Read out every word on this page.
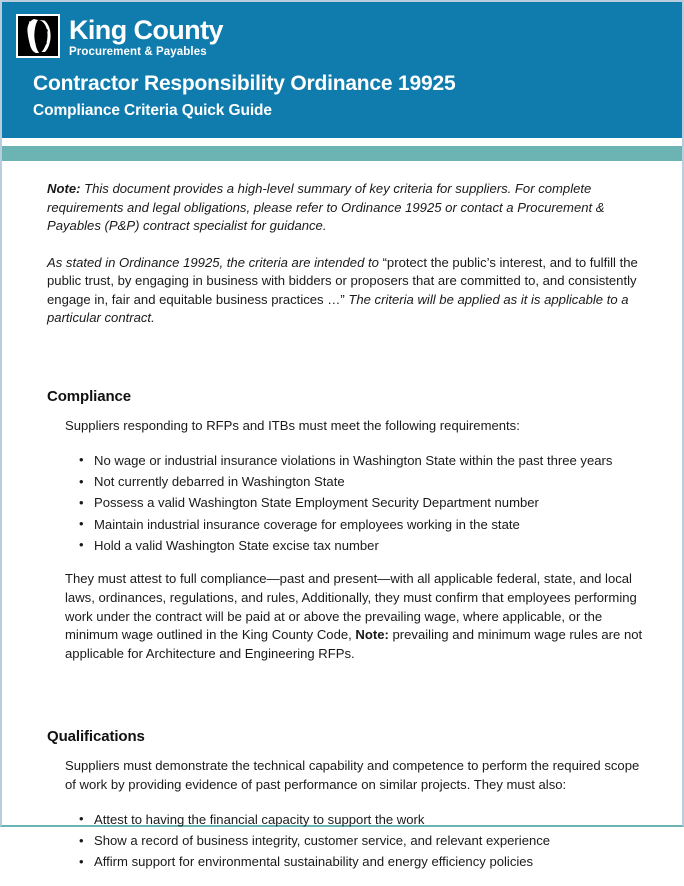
King County
Procurement & Payables
Contractor Responsibility Ordinance 19925
Compliance Criteria Quick Guide

Note: This document provides a high-level summary of key criteria for suppliers. For complete requirements and legal obligations, please refer to Ordinance 19925 or contact a Procurement & Payables (P&P) contract specialist for guidance.

As stated in Ordinance 19925, the criteria are intended to “protect the public’s interest, and to fulfill the public trust, by engaging in business with bidders or proposers that are committed to, and consistently engage in, fair and equitable business practices …” The criteria will be applied as it is applicable to a particular contract.

Compliance

Suppliers responding to RFPs and ITBs must meet the following requirements:

• No wage or industrial insurance violations in Washington State within the past three years
• Not currently debarred in Washington State
• Possess a valid Washington State Employment Security Department number
• Maintain industrial insurance coverage for employees working in the state
• Hold a valid Washington State excise tax number

They must attest to full compliance—past and present—with all applicable federal, state, and local laws, ordinances, regulations, and rules, Additionally, they must confirm that employees performing work under the contract will be paid at or above the prevailing wage, where applicable, or the minimum wage outlined in the King County Code, Note: prevailing and minimum wage rules are not applicable for Architecture and Engineering RFPs.

Qualifications

Suppliers must demonstrate the technical capability and competence to perform the required scope of work by providing evidence of past performance on similar projects. They must also:

• Attest to having the financial capacity to support the work
• Show a record of business integrity, customer service, and relevant experience
• Affirm support for environmental sustainability and energy efficiency policies
